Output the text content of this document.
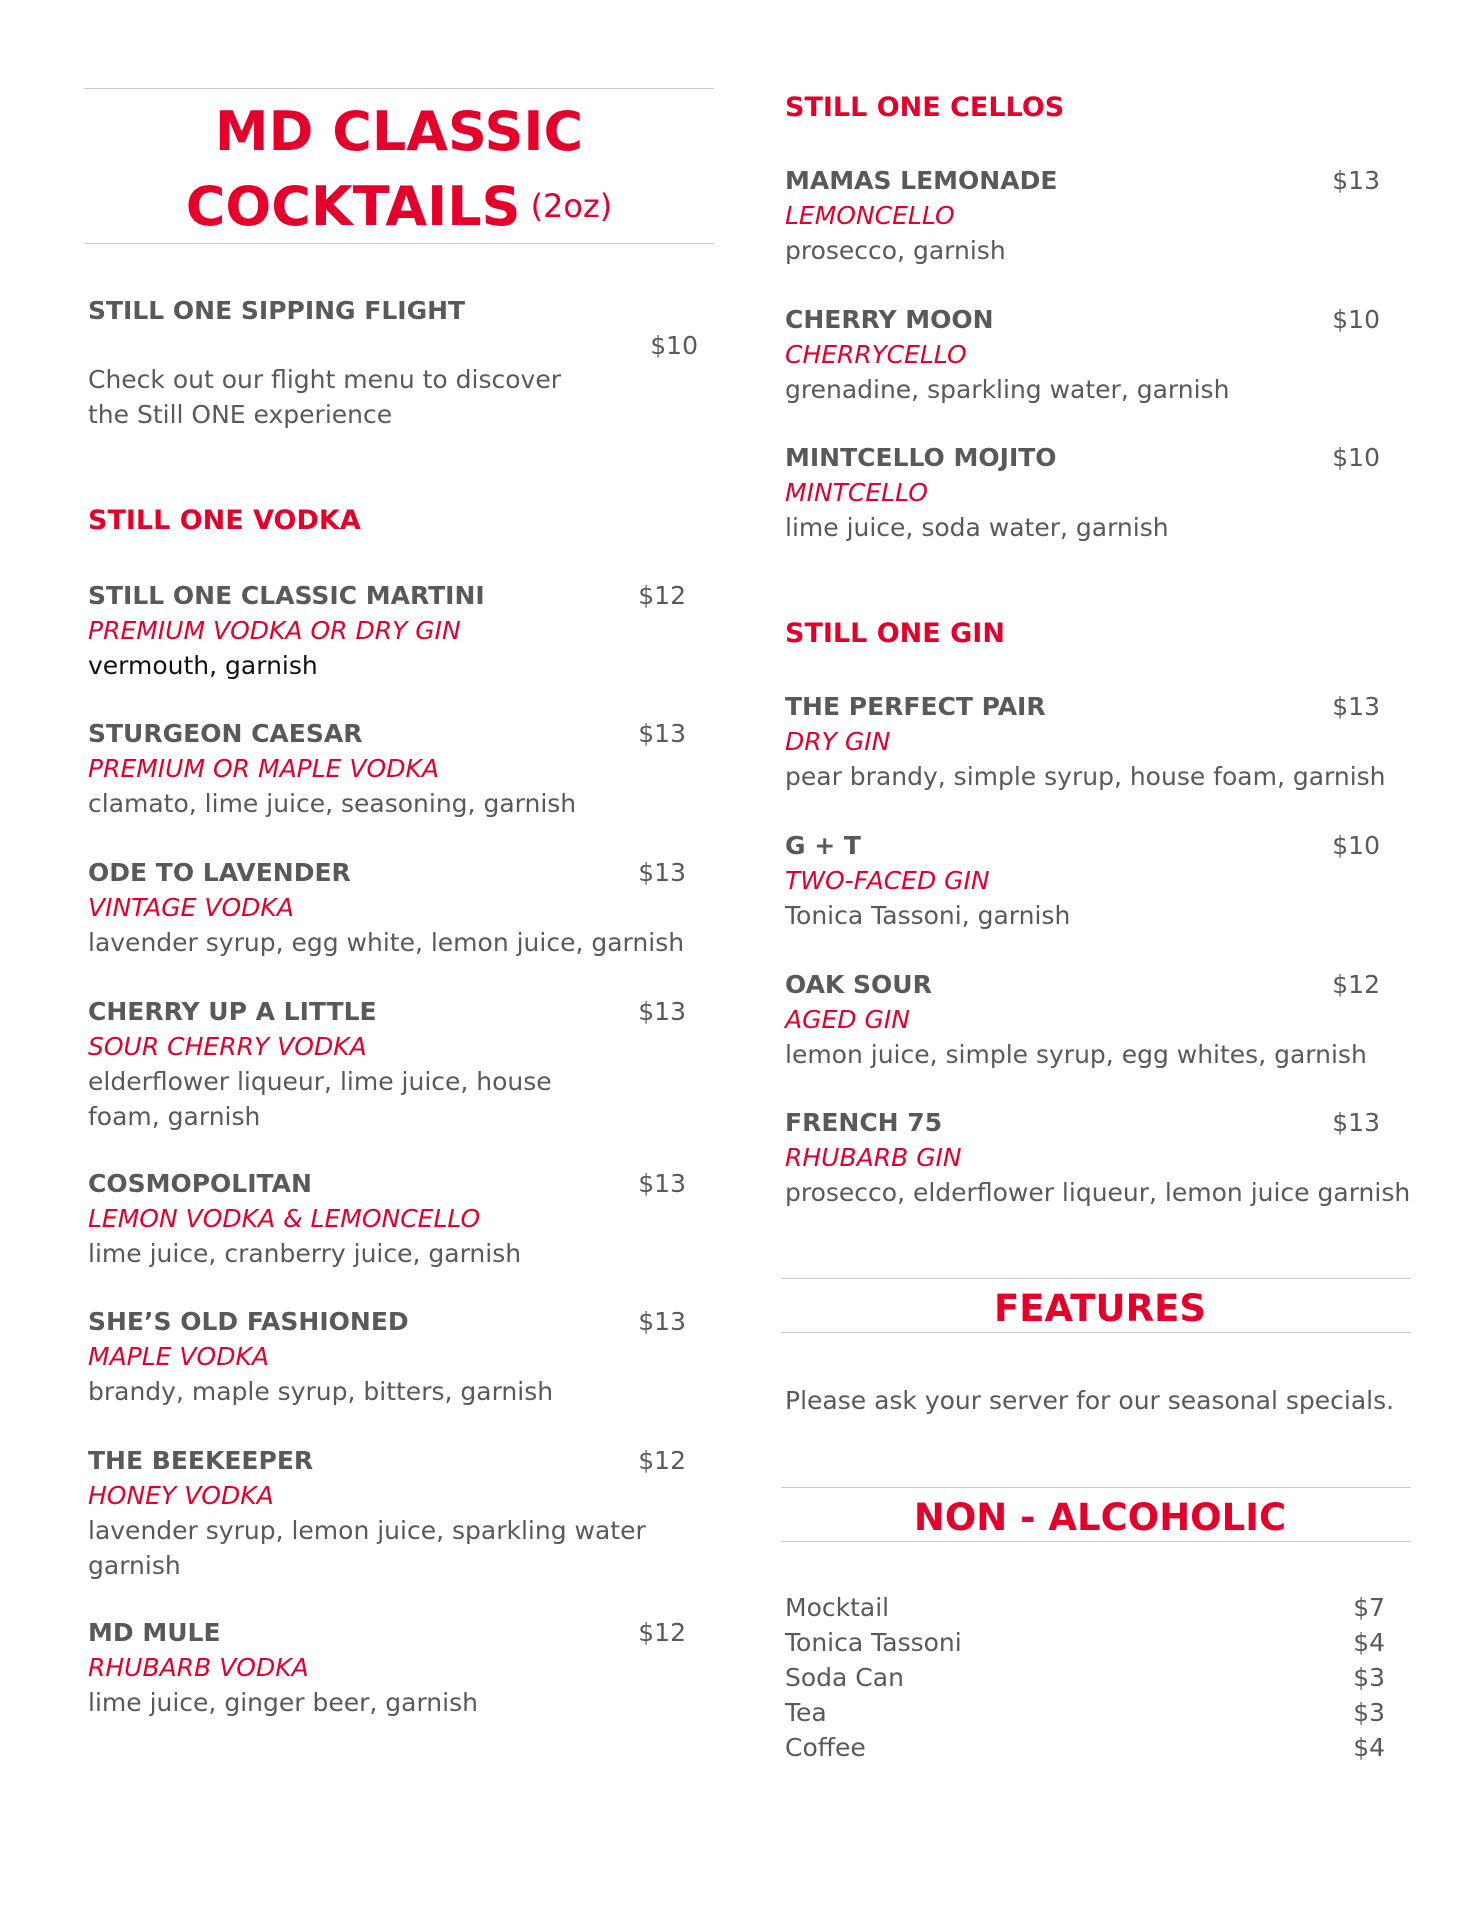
MD CLASSIC
COCKTAILS (2oz)
STILL ONE SIPPING FLIGHT
$10
Check out our flight menu to discover the Still ONE experience
STILL ONE VODKA
STILL ONE CLASSIC MARTINI
PREMIUM VODKA OR DRY GIN
vermouth, garnish
$12
STURGEON CAESAR
PREMIUM OR MAPLE VODKA
clamato, lime juice, seasoning, garnish
$13
ODE TO LAVENDER
VINTAGE VODKA
lavender syrup, egg white, lemon juice, garnish
$13
CHERRY UP A LITTLE
SOUR CHERRY VODKA
elderflower liqueur, lime juice, house foam, garnish
$13
COSMOPOLITAN
LEMON VODKA & LEMONCELLO
lime juice, cranberry juice, garnish
$13
SHE’S OLD FASHIONED
MAPLE VODKA
brandy, maple syrup, bitters, garnish
$13
THE BEEKEEPER
HONEY VODKA
lavender syrup, lemon juice, sparkling water garnish
$12
MD MULE
RHUBARB VODKA
lime juice, ginger beer, garnish
$12
STILL ONE CELLOS
MAMAS LEMONADE
LEMONCELLO
prosecco, garnish
$13
CHERRY MOON
CHERRYCELLO
grenadine, sparkling water, garnish
$10
MINTCELLO MOJITO
MINTCELLO
lime juice, soda water, garnish
$10
STILL ONE GIN
THE PERFECT PAIR
DRY GIN
pear brandy, simple syrup, house foam, garnish
$13
G + T
TWO-FACED GIN
Tonica Tassoni, garnish
$10
OAK SOUR
AGED GIN
lemon juice, simple syrup, egg whites, garnish
$12
FRENCH 75
RHUBARB GIN
prosecco, elderflower liqueur, lemon juice garnish
$13
FEATURES
Please ask your server for our seasonal specials.
NON - ALCOHOLIC
Mocktail	$7
Tonica Tassoni	$4
Soda Can	$3
Tea	$3
Coffee	$4
